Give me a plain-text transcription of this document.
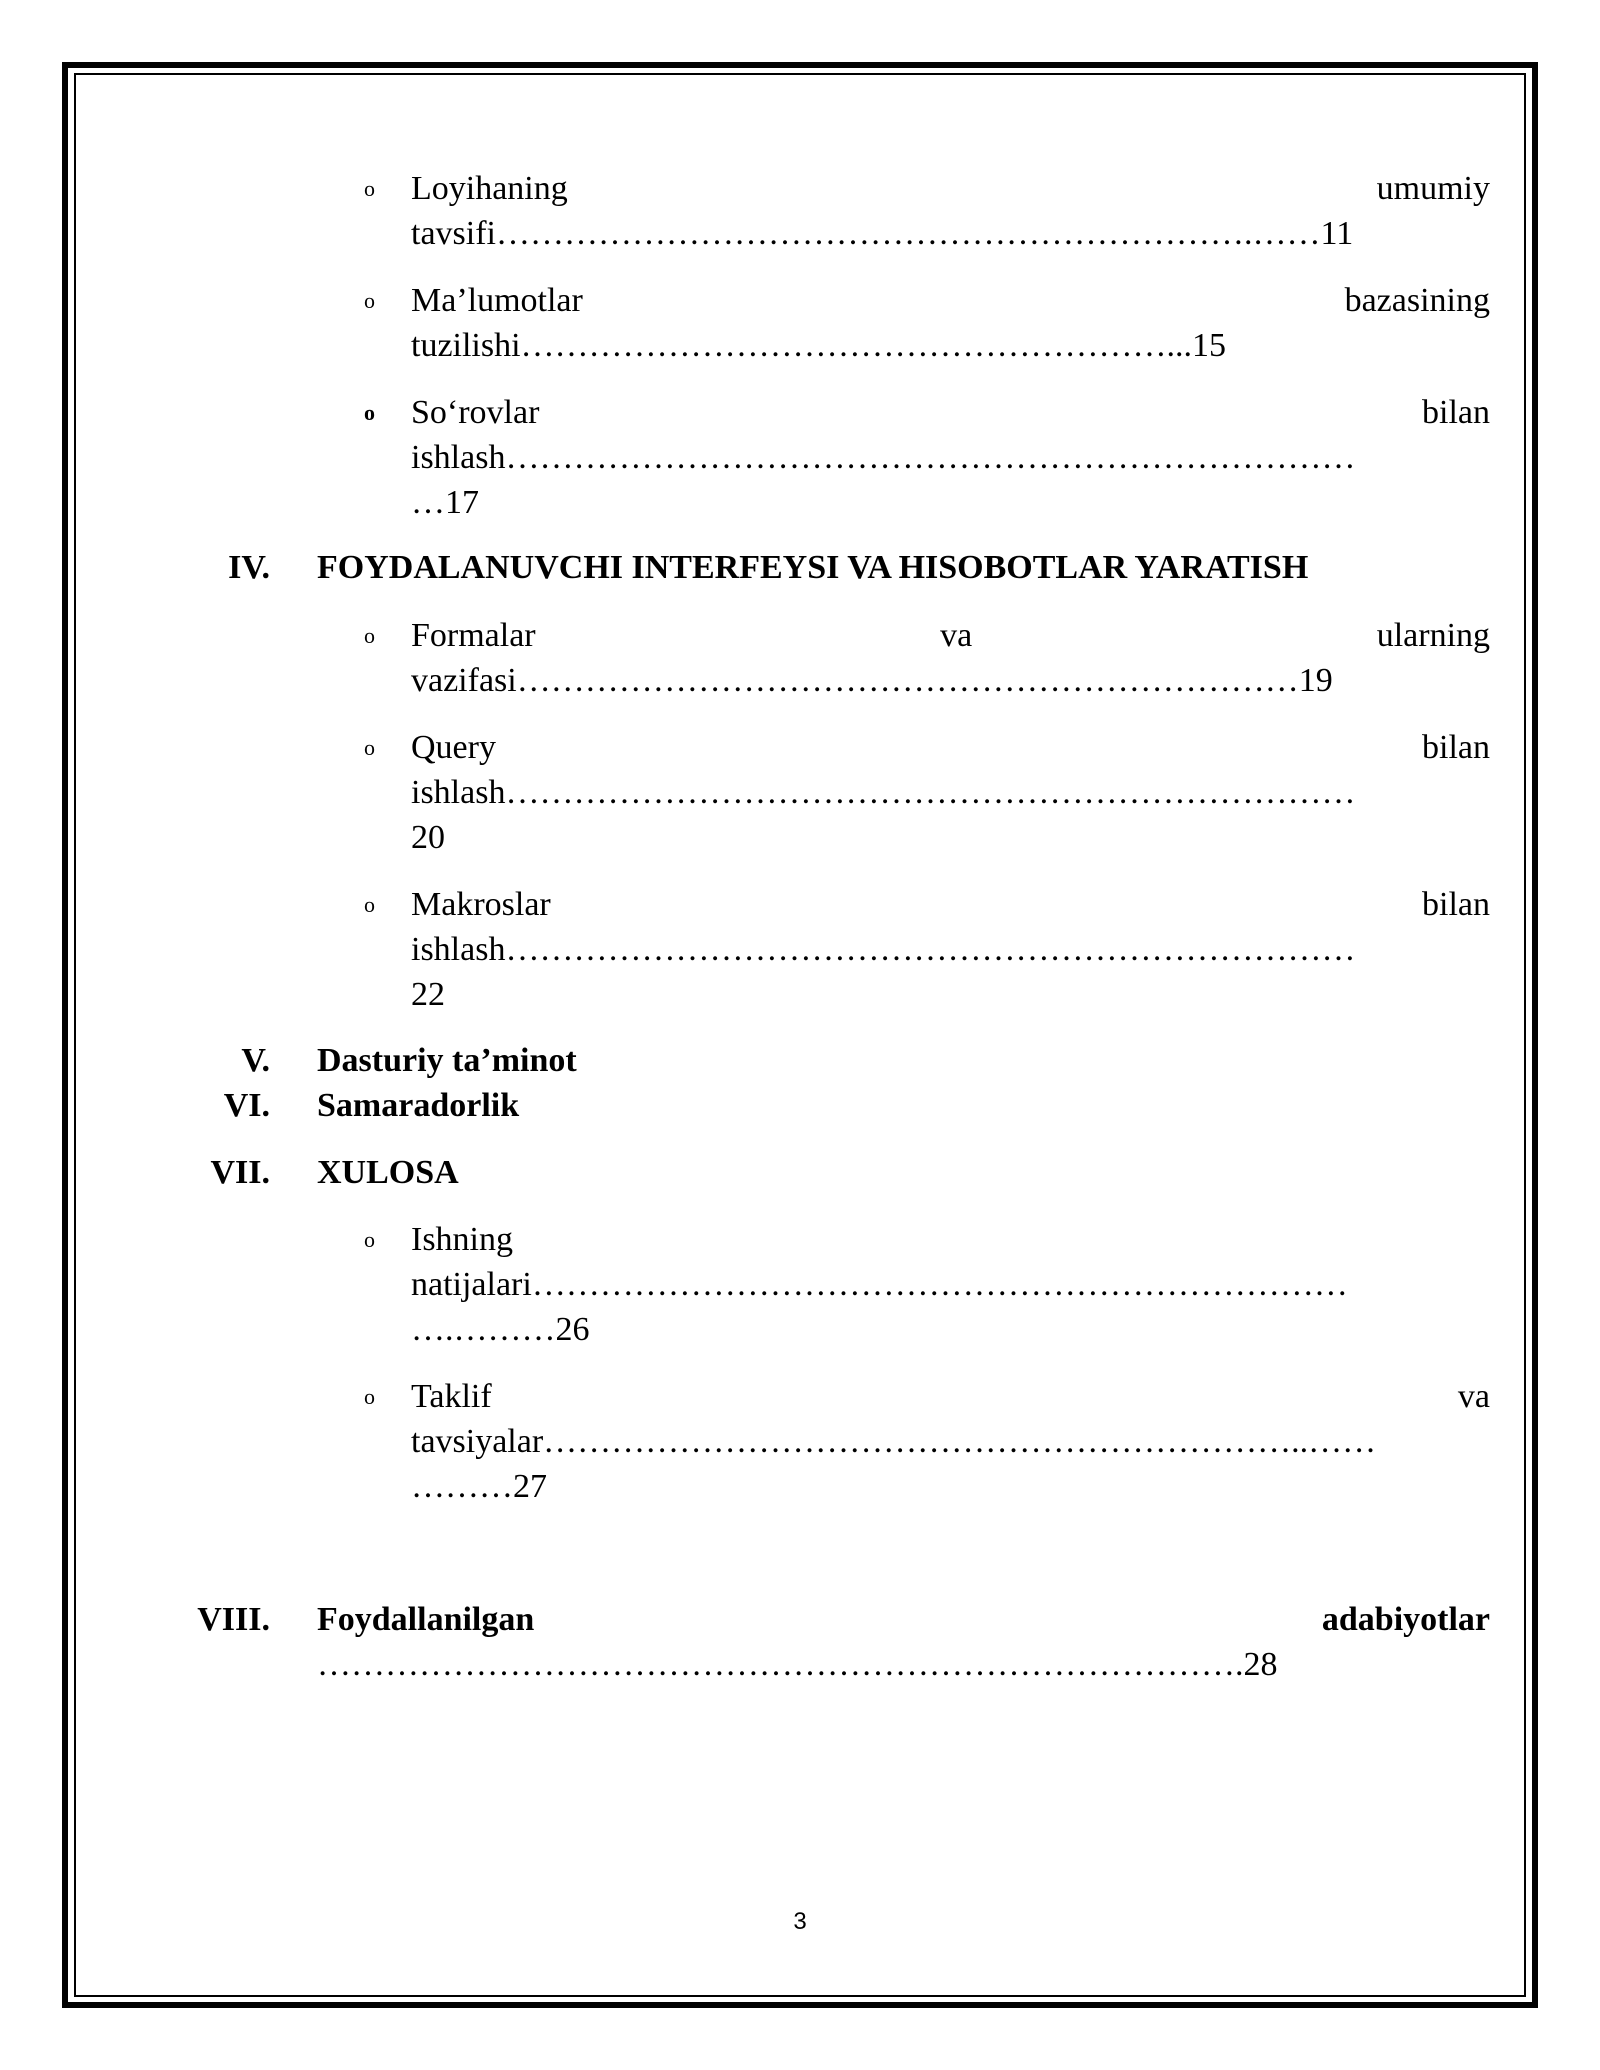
o Loyihaning	umumiy
tavsifi………………………………………………………….……11
o Ma’lumotlar	bazasining
tuzilishi…………………………………………………...15
o So‘rovlar	bilan
ishlash…………………………………………………………………
…17
IV. FOYDALANUVCHI INTERFEYSI VA HISOBOTLAR YARATISH
o Formalar	va	ularning
vazifasi……………………………………………………………19
o Query	bilan
ishlash…………………………………………………………………
20
o Makroslar	bilan
ishlash…………………………………………………………………
22
V. Dasturiy ta’minot
VI. Samaradorlik
VII. XULOSA
o Ishning
natijalari………………………………………………………………
….………26
o Taklif	va
tavsiyalar…………………………………………………………..……
………27
VIII. Foydallanilgan	adabiyotlar
……………………………………………………………………….28
3
